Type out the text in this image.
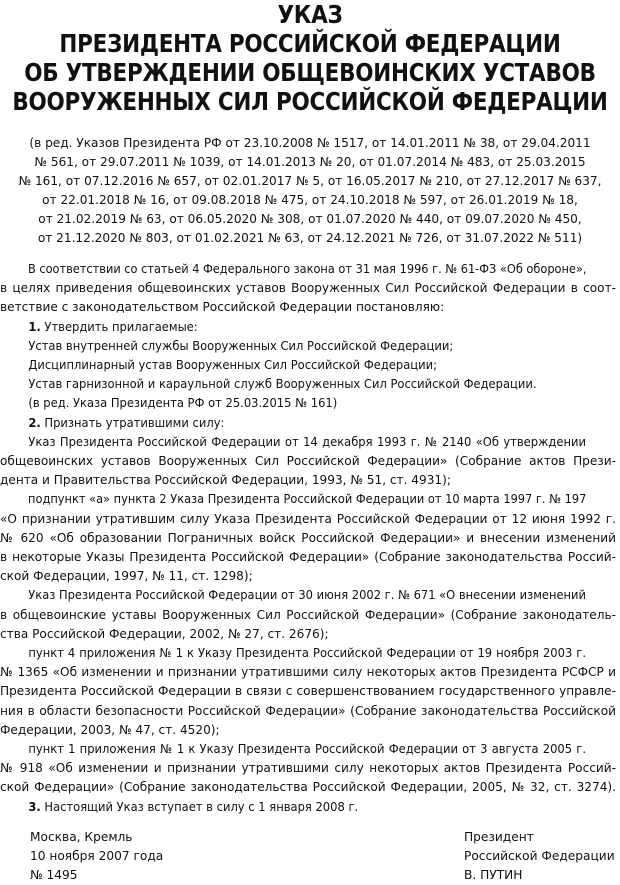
УКАЗ
ПРЕЗИДЕНТА РОССИЙСКОЙ ФЕДЕРАЦИИ
ОБ УТВЕРЖДЕНИИ ОБЩЕВОИНСКИХ УСТАВОВ
ВООРУЖЕННЫХ СИЛ РОССИЙСКОЙ ФЕДЕРАЦИИ
(в ред. Указов Президента РФ от 23.10.2008 № 1517, от 14.01.2011 № 38, от 29.04.2011
№ 561, от 29.07.2011 № 1039, от 14.01.2013 № 20, от 01.07.2014 № 483, от 25.03.2015
№ 161, от 07.12.2016 № 657, от 02.01.2017 № 5, от 16.05.2017 № 210, от 27.12.2017 № 637,
от 22.01.2018 № 16, от 09.08.2018 № 475, от 24.10.2018 № 597, от 26.01.2019 № 18,
от 21.02.2019 № 63, от 06.05.2020 № 308, от 01.07.2020 № 440, от 09.07.2020 № 450,
от 21.12.2020 № 803, от 01.02.2021 № 63, от 24.12.2021 № 726, от 31.07.2022 № 511)
В соответствии со статьей 4 Федерального закона от 31 мая 1996 г. № 61-ФЗ «Об обороне»,
в целях приведения общевоинских уставов Вооруженных Сил Российской Федерации в соот-
ветствие с законодательством Российской Федерации постановляю:
1. Утвердить прилагаемые:
Устав внутренней службы Вооруженных Сил Российской Федерации;
Дисциплинарный устав Вооруженных Сил Российской Федерации;
Устав гарнизонной и караульной служб Вооруженных Сил Российской Федерации.
(в ред. Указа Президента РФ от 25.03.2015 № 161)
2. Признать утратившими силу:
Указ Президента Российской Федерации от 14 декабря 1993 г. № 2140 «Об утверждении
общевоинских уставов Вооруженных Сил Российской Федерации» (Собрание актов Прези-
дента и Правительства Российской Федерации, 1993, № 51, ст. 4931);
подпункт «а» пункта 2 Указа Президента Российской Федерации от 10 марта 1997 г. № 197
«О признании утратившим силу Указа Президента Российской Федерации от 12 июня 1992 г.
№ 620 «Об образовании Пограничных войск Российской Федерации» и внесении изменений
в некоторые Указы Президента Российской Федерации» (Собрание законодательства Россий-
ской Федерации, 1997, № 11, ст. 1298);
Указ Президента Российской Федерации от 30 июня 2002 г. № 671 «О внесении изменений
в общевоинские уставы Вооруженных Сил Российской Федерации» (Собрание законодатель-
ства Российской Федерации, 2002, № 27, ст. 2676);
пункт 4 приложения № 1 к Указу Президента Российской Федерации от 19 ноября 2003 г.
№ 1365 «Об изменении и признании утратившими силу некоторых актов Президента РСФСР и
Президента Российской Федерации в связи с совершенствованием государственного управле-
ния в области безопасности Российской Федерации» (Собрание законодательства Российской
Федерации, 2003, № 47, ст. 4520);
пункт 1 приложения № 1 к Указу Президента Российской Федерации от 3 августа 2005 г.
№ 918 «Об изменении и признании утратившими силу некоторых актов Президента Россий-
ской Федерации» (Собрание законодательства Российской Федерации, 2005, № 32, ст. 3274).
3. Настоящий Указ вступает в силу с 1 января 2008 г.
Москва, Кремль
10 ноября 2007 года
№ 1495
Президент
Российской Федерации
В. ПУТИН
